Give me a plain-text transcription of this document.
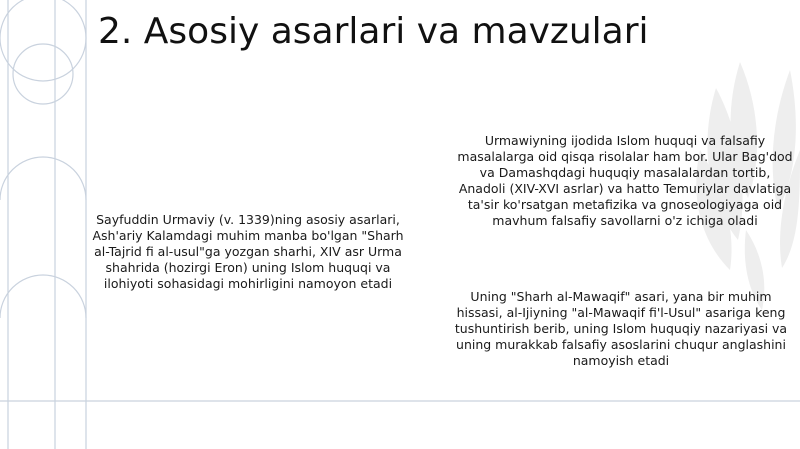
2. Asosiy asarlari va mavzulari

Sayfuddin Urmaviy (v. 1339)ning asosiy asarlari, Ash'ariy Kalamdagi muhim manba bo'lgan "Sharh al-Tajrid fi al-usul"ga yozgan sharhi, XIV asr Urma shahrida (hozirgi Eron) uning Islom huquqi va ilohiyoti sohasidagi mohirligini namoyon etadi

Urmawiyning ijodida Islom huquqi va falsafiy masalalarga oid qisqa risolalar ham bor. Ular Bag'dod va Damashqdagi huquqiy masalalardan tortib, Anadoli (XIV-XVI asrlar) va hatto Temuriylar davlatiga ta'sir ko'rsatgan metafizika va gnoseologiyaga oid mavhum falsafiy savollarni o'z ichiga oladi

Uning "Sharh al-Mawaqif" asari, yana bir muhim hissasi, al-Ijiyning "al-Mawaqif fi'l-Usul" asariga keng tushuntirish berib, uning Islom huquqiy nazariyasi va uning murakkab falsafiy asoslarini chuqur anglashini namoyish etadi
